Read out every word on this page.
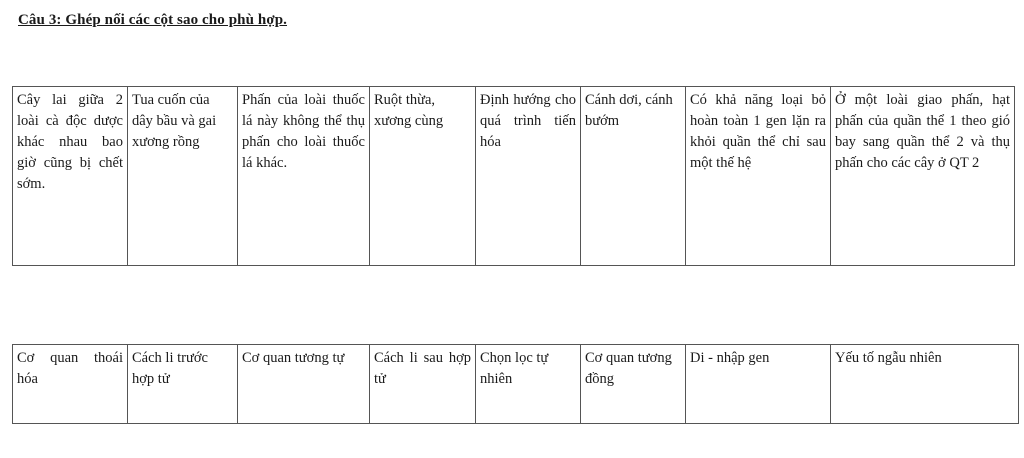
Câu 3: Ghép nối các cột sao cho phù hợp.
Cây lai giữa 2 loài cà độc dược khác nhau bao giờ cũng bị chết sớm.	Tua cuốn của dây bầu và gai xương rồng	Phấn của loài thuốc lá này không thể thụ phấn cho loài thuốc lá khác.	Ruột thừa, xương cùng	Định hướng cho quá trình tiến hóa	Cánh dơi, cánh bướm	Có khả năng loại bỏ hoàn toàn 1 gen lặn ra khỏi quần thể chỉ sau một thế hệ	Ở một loài giao phấn, hạt phấn của quần thể 1 theo gió bay sang quần thể 2 và thụ phấn cho các cây ở QT 2
Cơ quan thoái hóa	Cách li trước hợp tử	Cơ quan tương tự	Cách li sau hợp tử	Chọn lọc tự nhiên	Cơ quan tương đồng	Di - nhập gen	Yếu tố ngẫu nhiên
